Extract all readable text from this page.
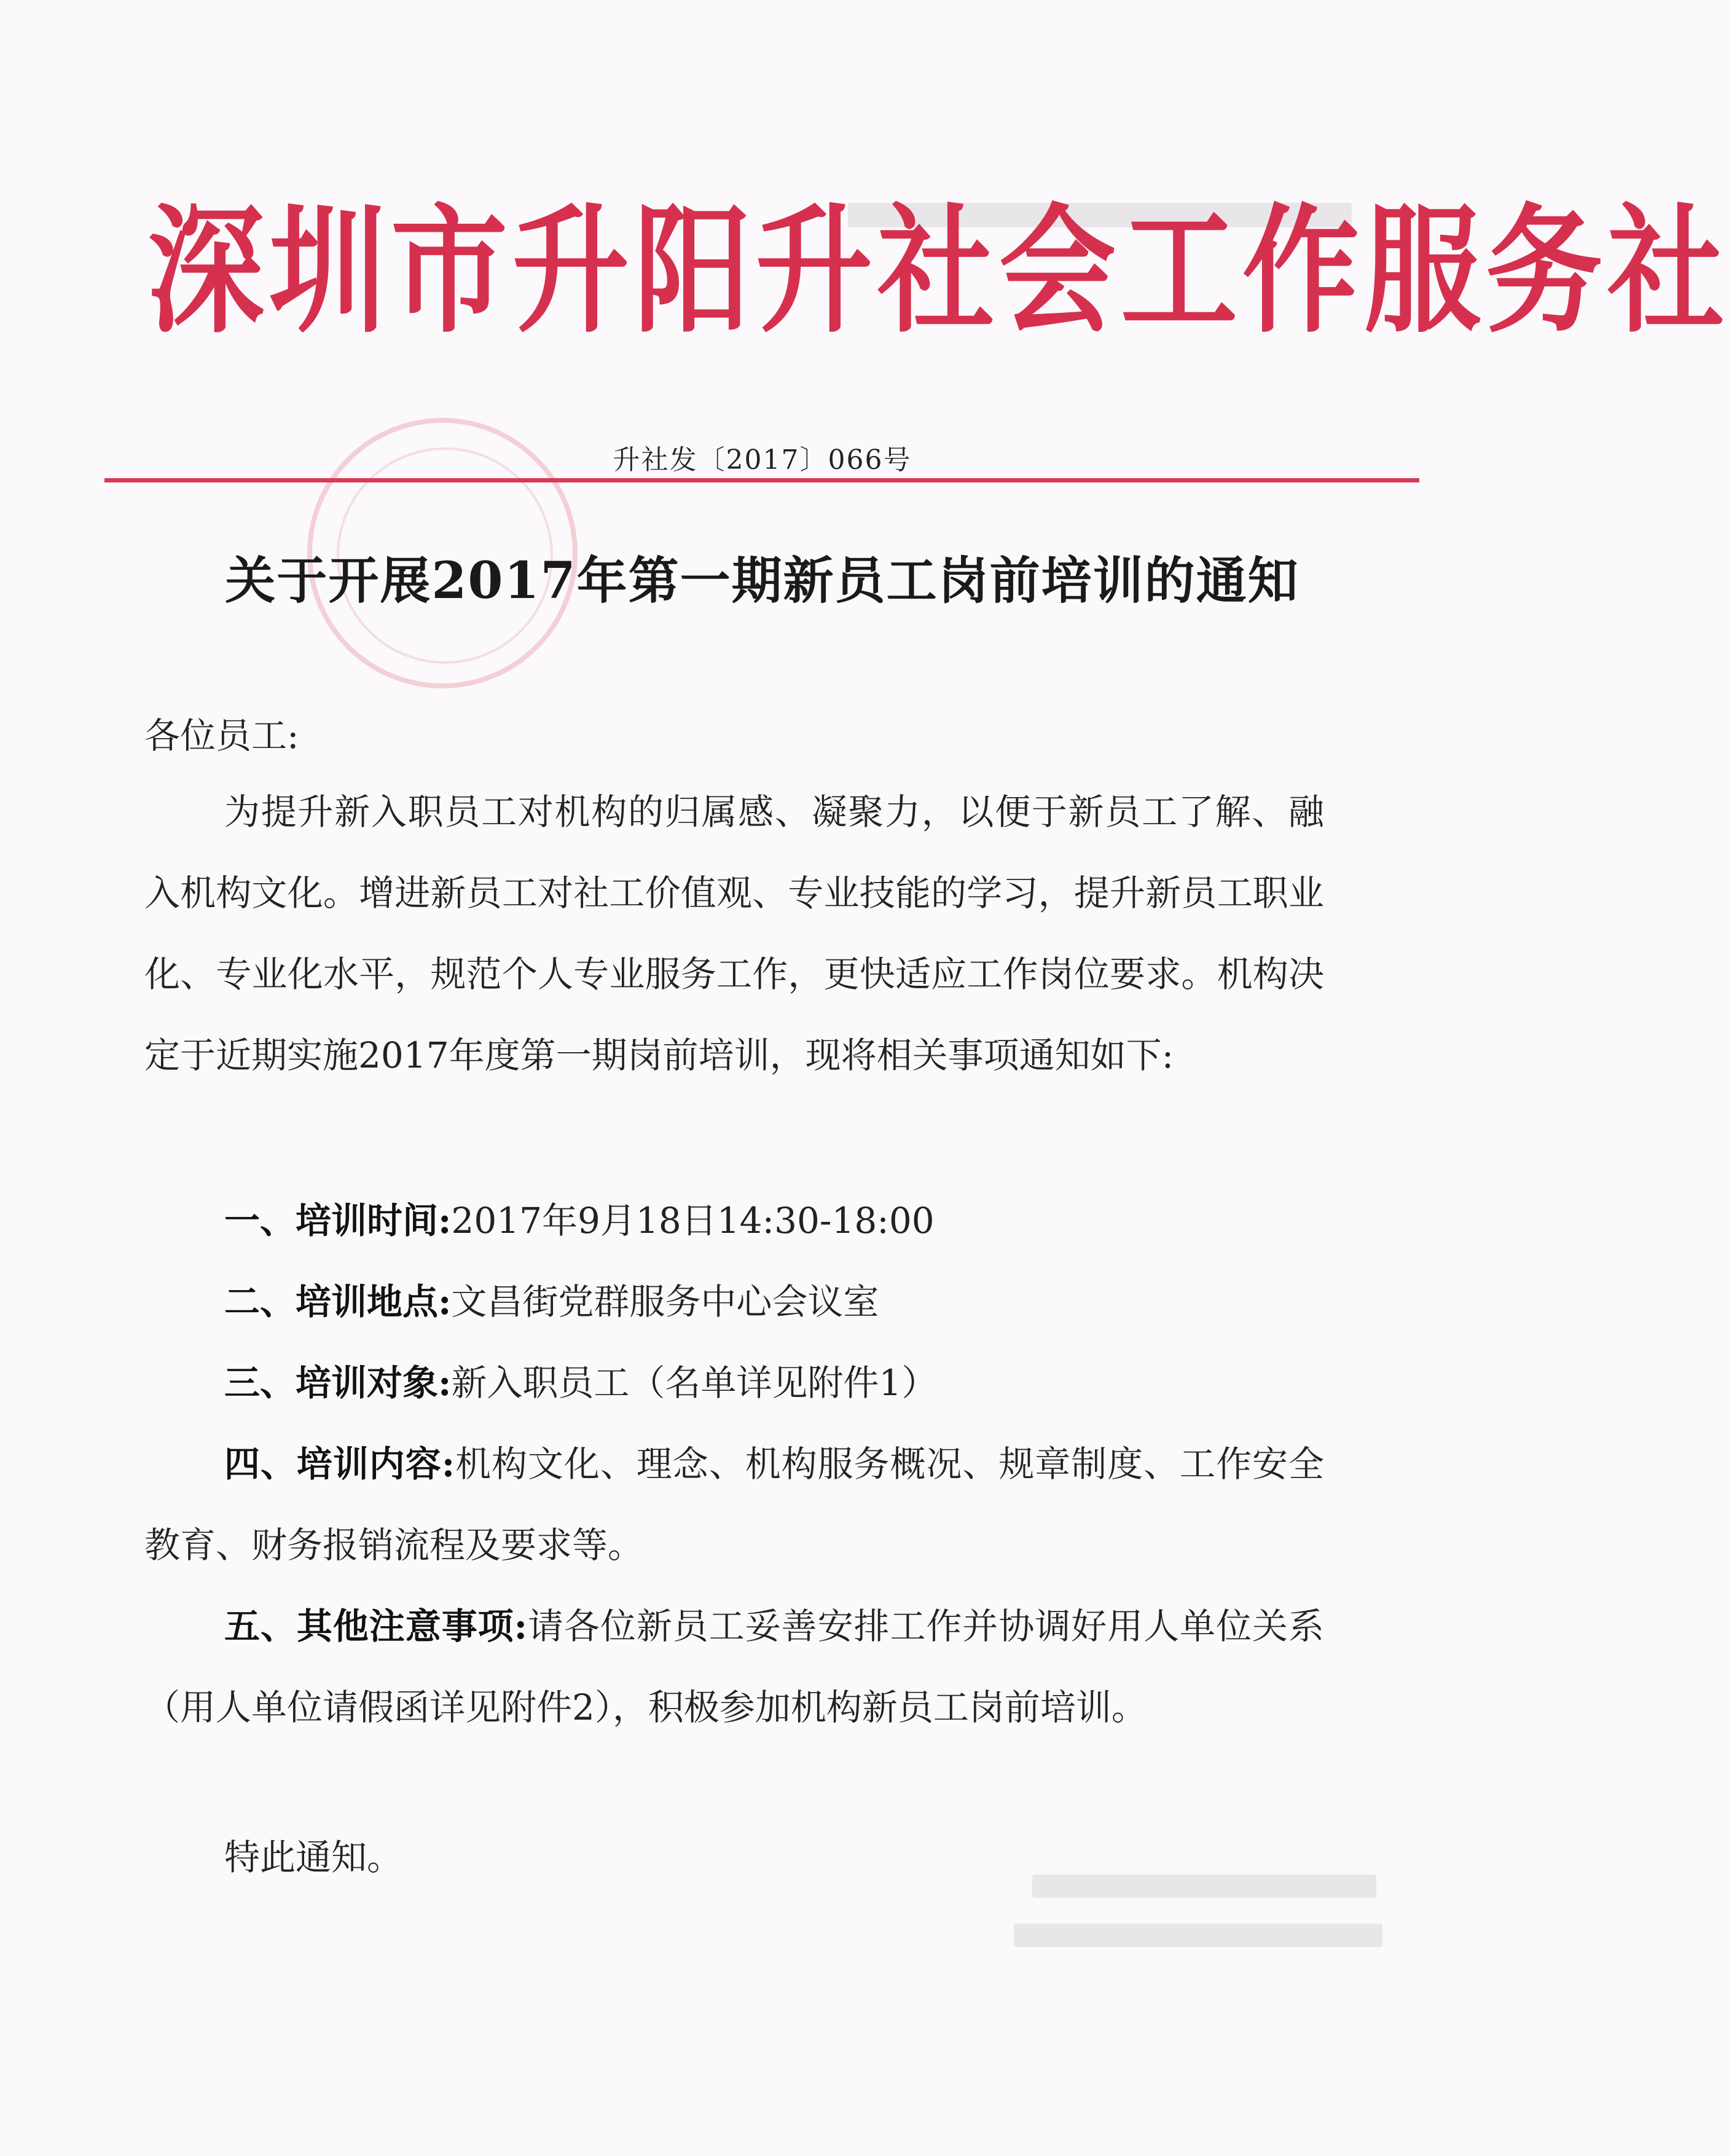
深圳市升阳升社会工作服务社
升社发〔2017〕066号
关于开展2017年第一期新员工岗前培训的通知
各位员工:
为提升新入职员工对机构的归属感、凝聚力，以便于新员工了解、融入机构文化。增进新员工对社工价值观、专业技能的学习，提升新员工职业化、专业化水平，规范个人专业服务工作，更快适应工作岗位要求。机构决定于近期实施2017年度第一期岗前培训，现将相关事项通知如下:
一、培训时间:2017年9月18日14:30-18:00
二、培训地点:文昌街党群服务中心会议室
三、培训对象:新入职员工（名单详见附件1）
四、培训内容:机构文化、理念、机构服务概况、规章制度、工作安全教育、财务报销流程及要求等。
五、其他注意事项:请各位新员工妥善安排工作并协调好用人单位关系（用人单位请假函详见附件2），积极参加机构新员工岗前培训。
特此通知。
